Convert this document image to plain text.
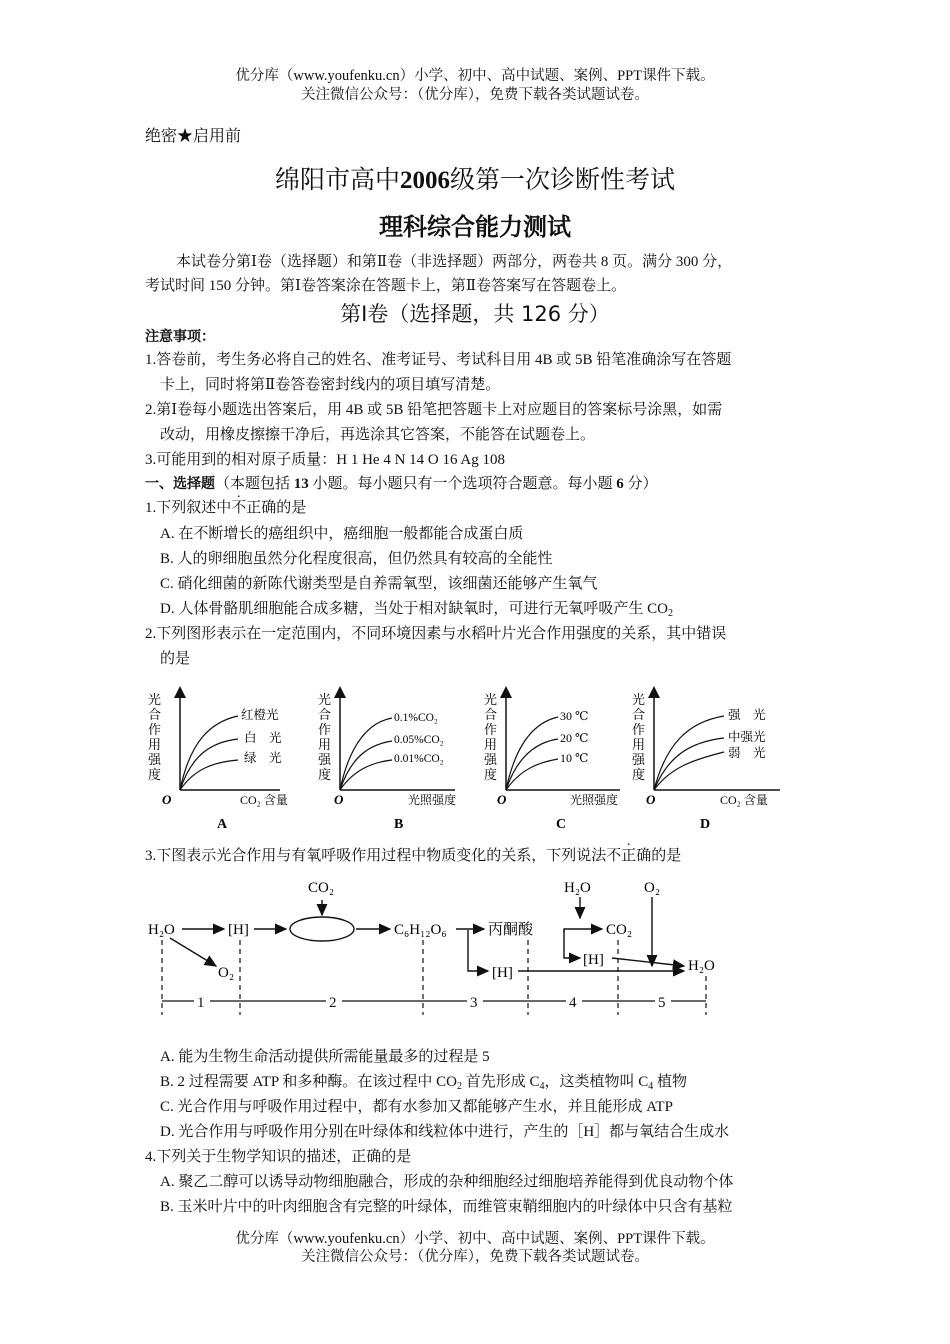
优分库（www.youfenku.cn）小学、初中、高中试题、案例、PPT课件下载。
关注微信公众号：（优分库），免费下载各类试题试卷。
绝密★启用前
绵阳市高中2006级第一次诊断性考试
理科综合能力测试
本试卷分第Ⅰ卷（选择题）和第Ⅱ卷（非选择题）两部分，两卷共 8 页。满分 300 分，
考试时间 150 分钟。第Ⅰ卷答案涂在答题卡上，第Ⅱ卷答案写在答题卷上。
第Ⅰ卷（选择题，共 126 分）
注意事项：
1.答卷前，考生务必将自己的姓名、准考证号、考试科目用 4B 或 5B 铅笔准确涂写在答题
卡上，同时将第Ⅱ卷答卷密封线内的项目填写清楚。
2.第Ⅰ卷每小题选出答案后，用 4B 或 5B 铅笔把答题卡上对应题目的答案标号涂黑，如需
改动，用橡皮擦擦干净后，再选涂其它答案，不能答在试题卷上。
3.可能用到的相对原子质量：H 1 He 4 N 14 O 16 Ag 108
一、选择题（本题包括 13 小题。每小题只有一个选项符合题意。每小题 6 分）
1.下列叙述中不正确的是
A. 在不断增长的癌组织中，癌细胞一般都能合成蛋白质
B. 人的卵细胞虽然分化程度很高，但仍然具有较高的全能性
C. 硝化细菌的新陈代谢类型是自养需氧型，该细菌还能够产生氧气
D. 人体骨骼肌细胞能合成多糖，当处于相对缺氧时，可进行无氧呼吸产生 $CO_2$
2.下列图形表示在一定范围内，不同环境因素与水稻叶片光合作用强度的关系，其中错误
的是
光
合
作
用
强
度
红橙光
白　光
绿　光
O	CO₂ 含量
A
光
合
作
用
强
度
0.1%CO₂
0.05%CO₂
0.01%CO₂
O	光照强度
B
光
合
作
用
强
度
30 ℃
20 ℃
10 ℃
O	光照强度
C
光
合
作
用
强
度
强　光
中强光
弱　光
O	CO₂ 含量
D
3.下图表示光合作用与有氧呼吸作用过程中物质变化的关系，下列说法不正确的是
H₂O	[H]
CO₂
O₂
C₆H₁₂O₆	丙酮酸
H₂O	O₂
CO₂
[H]
[H]	H₂O
1	2	3	4	5
A. 能为生物生命活动提供所需能量最多的过程是 5
B. 2 过程需要 ATP 和多种酶。在该过程中 $CO_2$ 首先形成 $C_4$，这类植物叫 $C_4$ 植物
C. 光合作用与呼吸作用过程中，都有水参加又都能够产生水，并且能形成 ATP
D. 光合作用与呼吸作用分别在叶绿体和线粒体中进行，产生的［H］都与氧结合生成水
4.下列关于生物学知识的描述，正确的是
A. 聚乙二醇可以诱导动物细胞融合，形成的杂种细胞经过细胞培养能得到优良动物个体
B. 玉米叶片中的叶肉细胞含有完整的叶绿体，而维管束鞘细胞内的叶绿体中只含有基粒
优分库（www.youfenku.cn）小学、初中、高中试题、案例、PPT课件下载。
关注微信公众号：（优分库），免费下载各类试题试卷。
